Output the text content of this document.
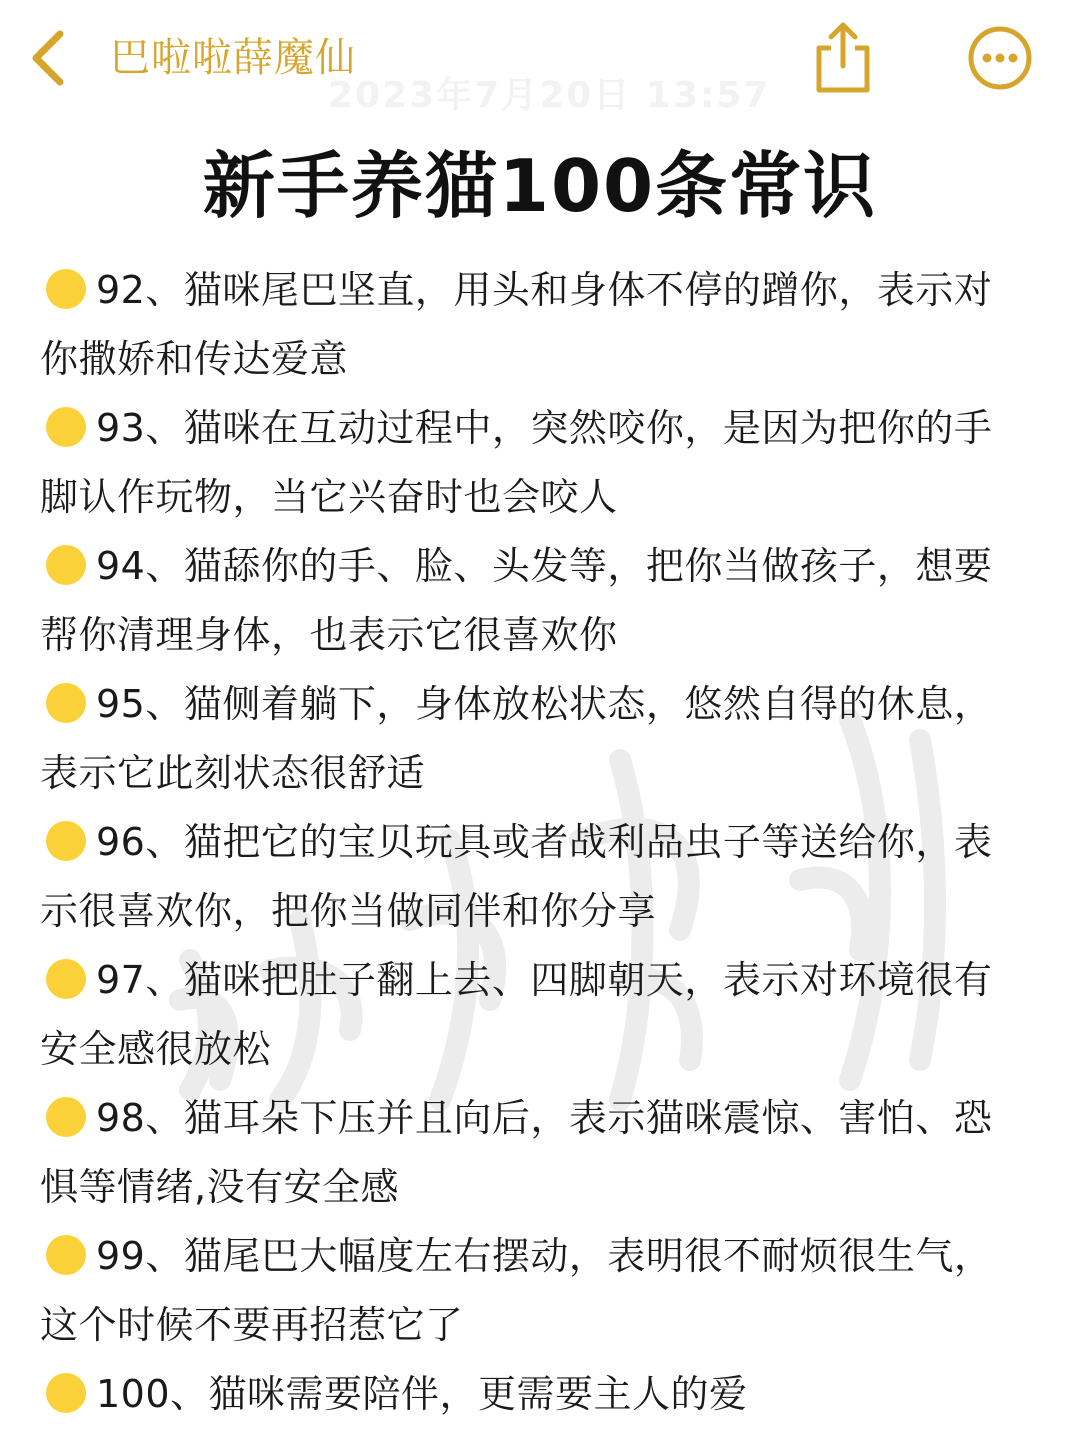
巴啦啦薛魔仙
2023年7月20日 13:57
新手养猫100条常识

92、猫咪尾巴坚直，用头和身体不停的蹭你，表示对你撒娇和传达爱意

93、猫咪在互动过程中，突然咬你，是因为把你的手脚认作玩物，当它兴奋时也会咬人

94、猫舔你的手、脸、头发等，把你当做孩子，想要帮你清理身体，也表示它很喜欢你

95、猫侧着躺下，身体放松状态，悠然自得的休息，表示它此刻状态很舒适

96、猫把它的宝贝玩具或者战利品虫子等送给你，表示很喜欢你，把你当做同伴和你分享

97、猫咪把肚子翻上去、四脚朝天，表示对环境很有安全感很放松

98、猫耳朵下压并且向后，表示猫咪震惊、害怕、恐惧等情绪,没有安全感

99、猫尾巴大幅度左右摆动，表明很不耐烦很生气，这个时候不要再招惹它了

100、猫咪需要陪伴，更需要主人的爱
